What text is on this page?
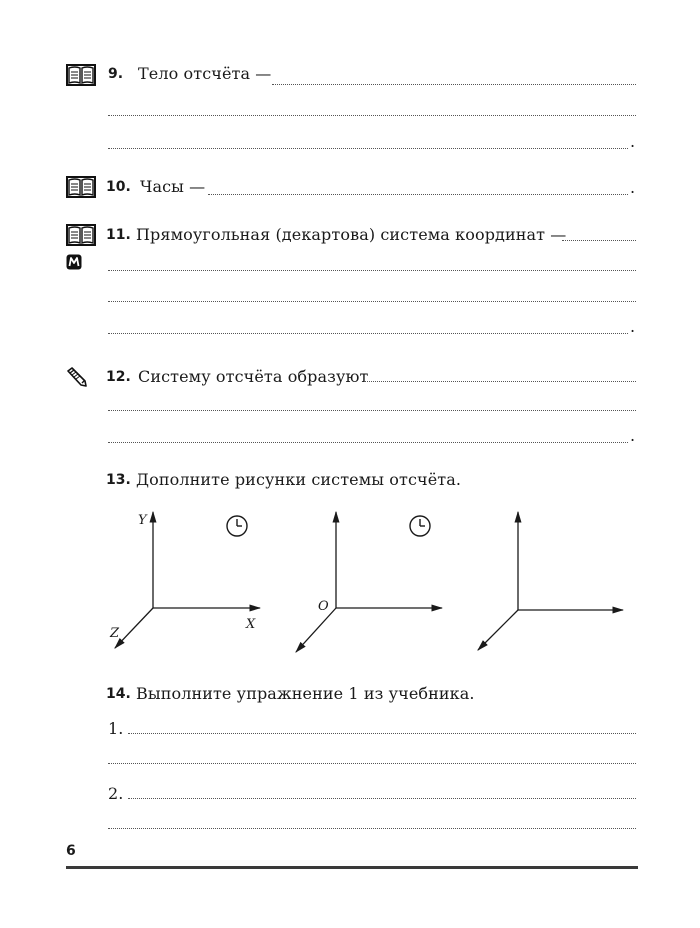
9. Тело отсчёта —
.
10. Часы —	.
11. Прямоугольная (декартова) система координат —
.
12. Систему отсчёта образуют
.
13. Дополните рисунки системы отсчёта.
Y
X
Z
O
14. Выполните упражнение 1 из учебника.
1.
2.
6
